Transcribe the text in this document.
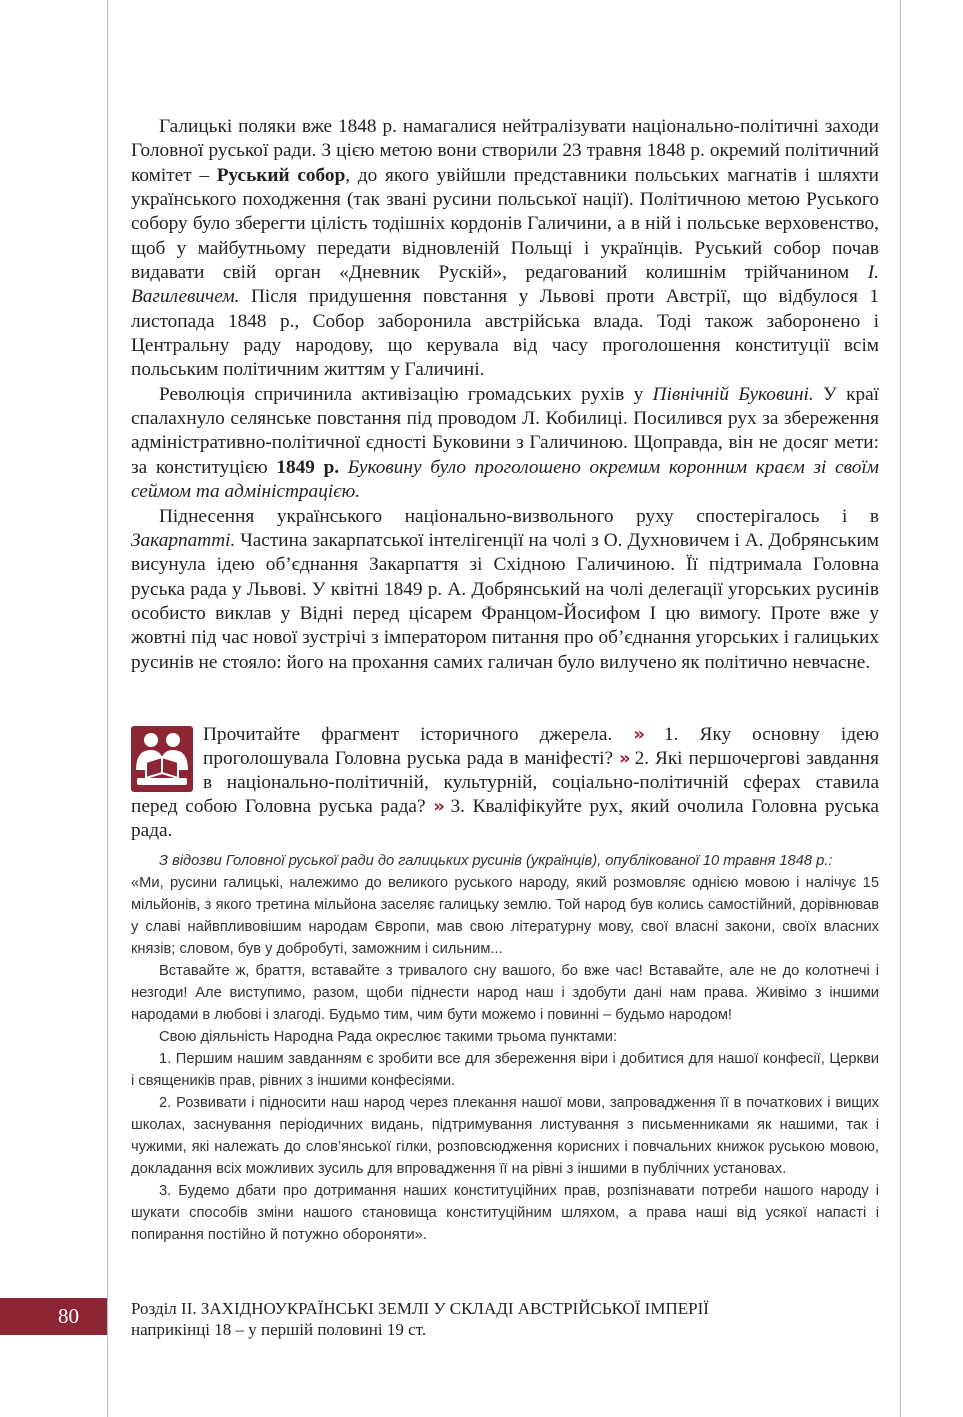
Галицькі поляки вже 1848 р. намагалися нейтралізувати національно-політичні заходи Головної руської ради. З цією метою вони створили 23 травня 1848 р. окремий політичний комітет – Руський собор, до якого увійшли представники польських магнатів і шляхти українського походження (так звані русини польської нації). Політичною метою Руського собору було зберегти цілість тодішніх кордонів Галичини, а в ній і польське верховенство, щоб у майбутньому передати відновленій Польщі і українців. Руський собор почав видавати свій орган «Дневник Рускій», редагований колишнім трійчанином І. Вагилевичем. Після придушення повстання у Львові проти Австрії, що відбулося 1 листопада 1848 р., Собор заборонила австрійська влада. Тоді також заборонено і Центральну раду народову, що керувала від часу проголошення конституції всім польським політичним життям у Галичині.

Революція спричинила активізацію громадських рухів у Північній Буковині. У краї спалахнуло селянське повстання під проводом Л. Кобилиці. Посилився рух за збереження адміністративно-політичної єдності Буковини з Галичиною. Щоправда, він не досяг мети: за конституцією 1849 р. Буковину було проголошено окремим коронним краєм зі своїм сеймом та адміністрацією.

Піднесення українського національно-визвольного руху спостерігалось і в Закарпатті. Частина закарпатської інтелігенції на чолі з О. Духновичем і А. Добрянським висунула ідею об’єднання Закарпаття зі Східною Галичиною. Її підтримала Головна руська рада у Львові. У квітні 1849 р. А. Добрянський на чолі делегації угорських русинів особисто виклав у Відні перед цісарем Францом-Йосифом I цю вимогу. Проте вже у жовтні під час нової зустрічі з імператором питання про об’єднання угорських і галицьких русинів не стояло: його на прохання самих галичан було вилучено як політично невчасне.

Прочитайте фрагмент історичного джерела. » 1. Яку основну ідею проголошувала Головна руська рада в маніфесті? » 2. Які першочергові завдання в національно-політичній, культурній, соціально-політичній сферах ставила перед собою Головна руська рада? » 3. Кваліфікуйте рух, який очолила Головна руська рада.

З відозви Головної руської ради до галицьких русинів (українців), опублікованої 10 травня 1848 р.:

«Ми, русини галицькі, належимо до великого руського народу, який розмовляє однією мовою і налічує 15 мільйонів, з якого третина мільйона заселяє галицьку землю. Той народ був колись самостійний, дорівнював у славі найвпливовішим народам Європи, мав свою літературну мову, свої власні закони, своїх власних князів; словом, був у добробуті, заможним і сильним...

Вставайте ж, браття, вставайте з тривалого сну вашого, бо вже час! Вставайте, але не до колотнечі і незгоди! Але виступимо, разом, щоби піднести народ наш і здобути дані нам права. Живімо з іншими народами в любові і злагоді. Будьмо тим, чим бути можемо і повинні – будьмо народом!

Свою діяльність Народна Рада окреслює такими трьома пунктами:

1. Першим нашим завданням є зробити все для збереження віри і добитися для нашої конфесії, Церкви і священиків прав, рівних з іншими конфесіями.

2. Розвивати і підносити наш народ через плекання нашої мови, запровадження її в початкових і вищих школах, заснування періодичних видань, підтримування листування з письменниками як нашими, так і чужими, які належать до слов’янської гілки, розповсюдження корисних і повчальних книжок руською мовою, докладання всіх можливих зусиль для впровадження її на рівні з іншими в публічних установах.

3. Будемо дбати про дотримання наших конституційних прав, розпізнавати потреби нашого народу і шукати способів зміни нашого становища конституційним шляхом, а права наші від усякої напасті і попирання постійно й потужно обороняти».

80	Розділ II. ЗАХІДНОУКРАЇНСЬКІ ЗЕМЛІ У СКЛАДІ АВСТРІЙСЬКОЇ ІМПЕРІЇ
наприкінці 18 – у першій половині 19 ст.
